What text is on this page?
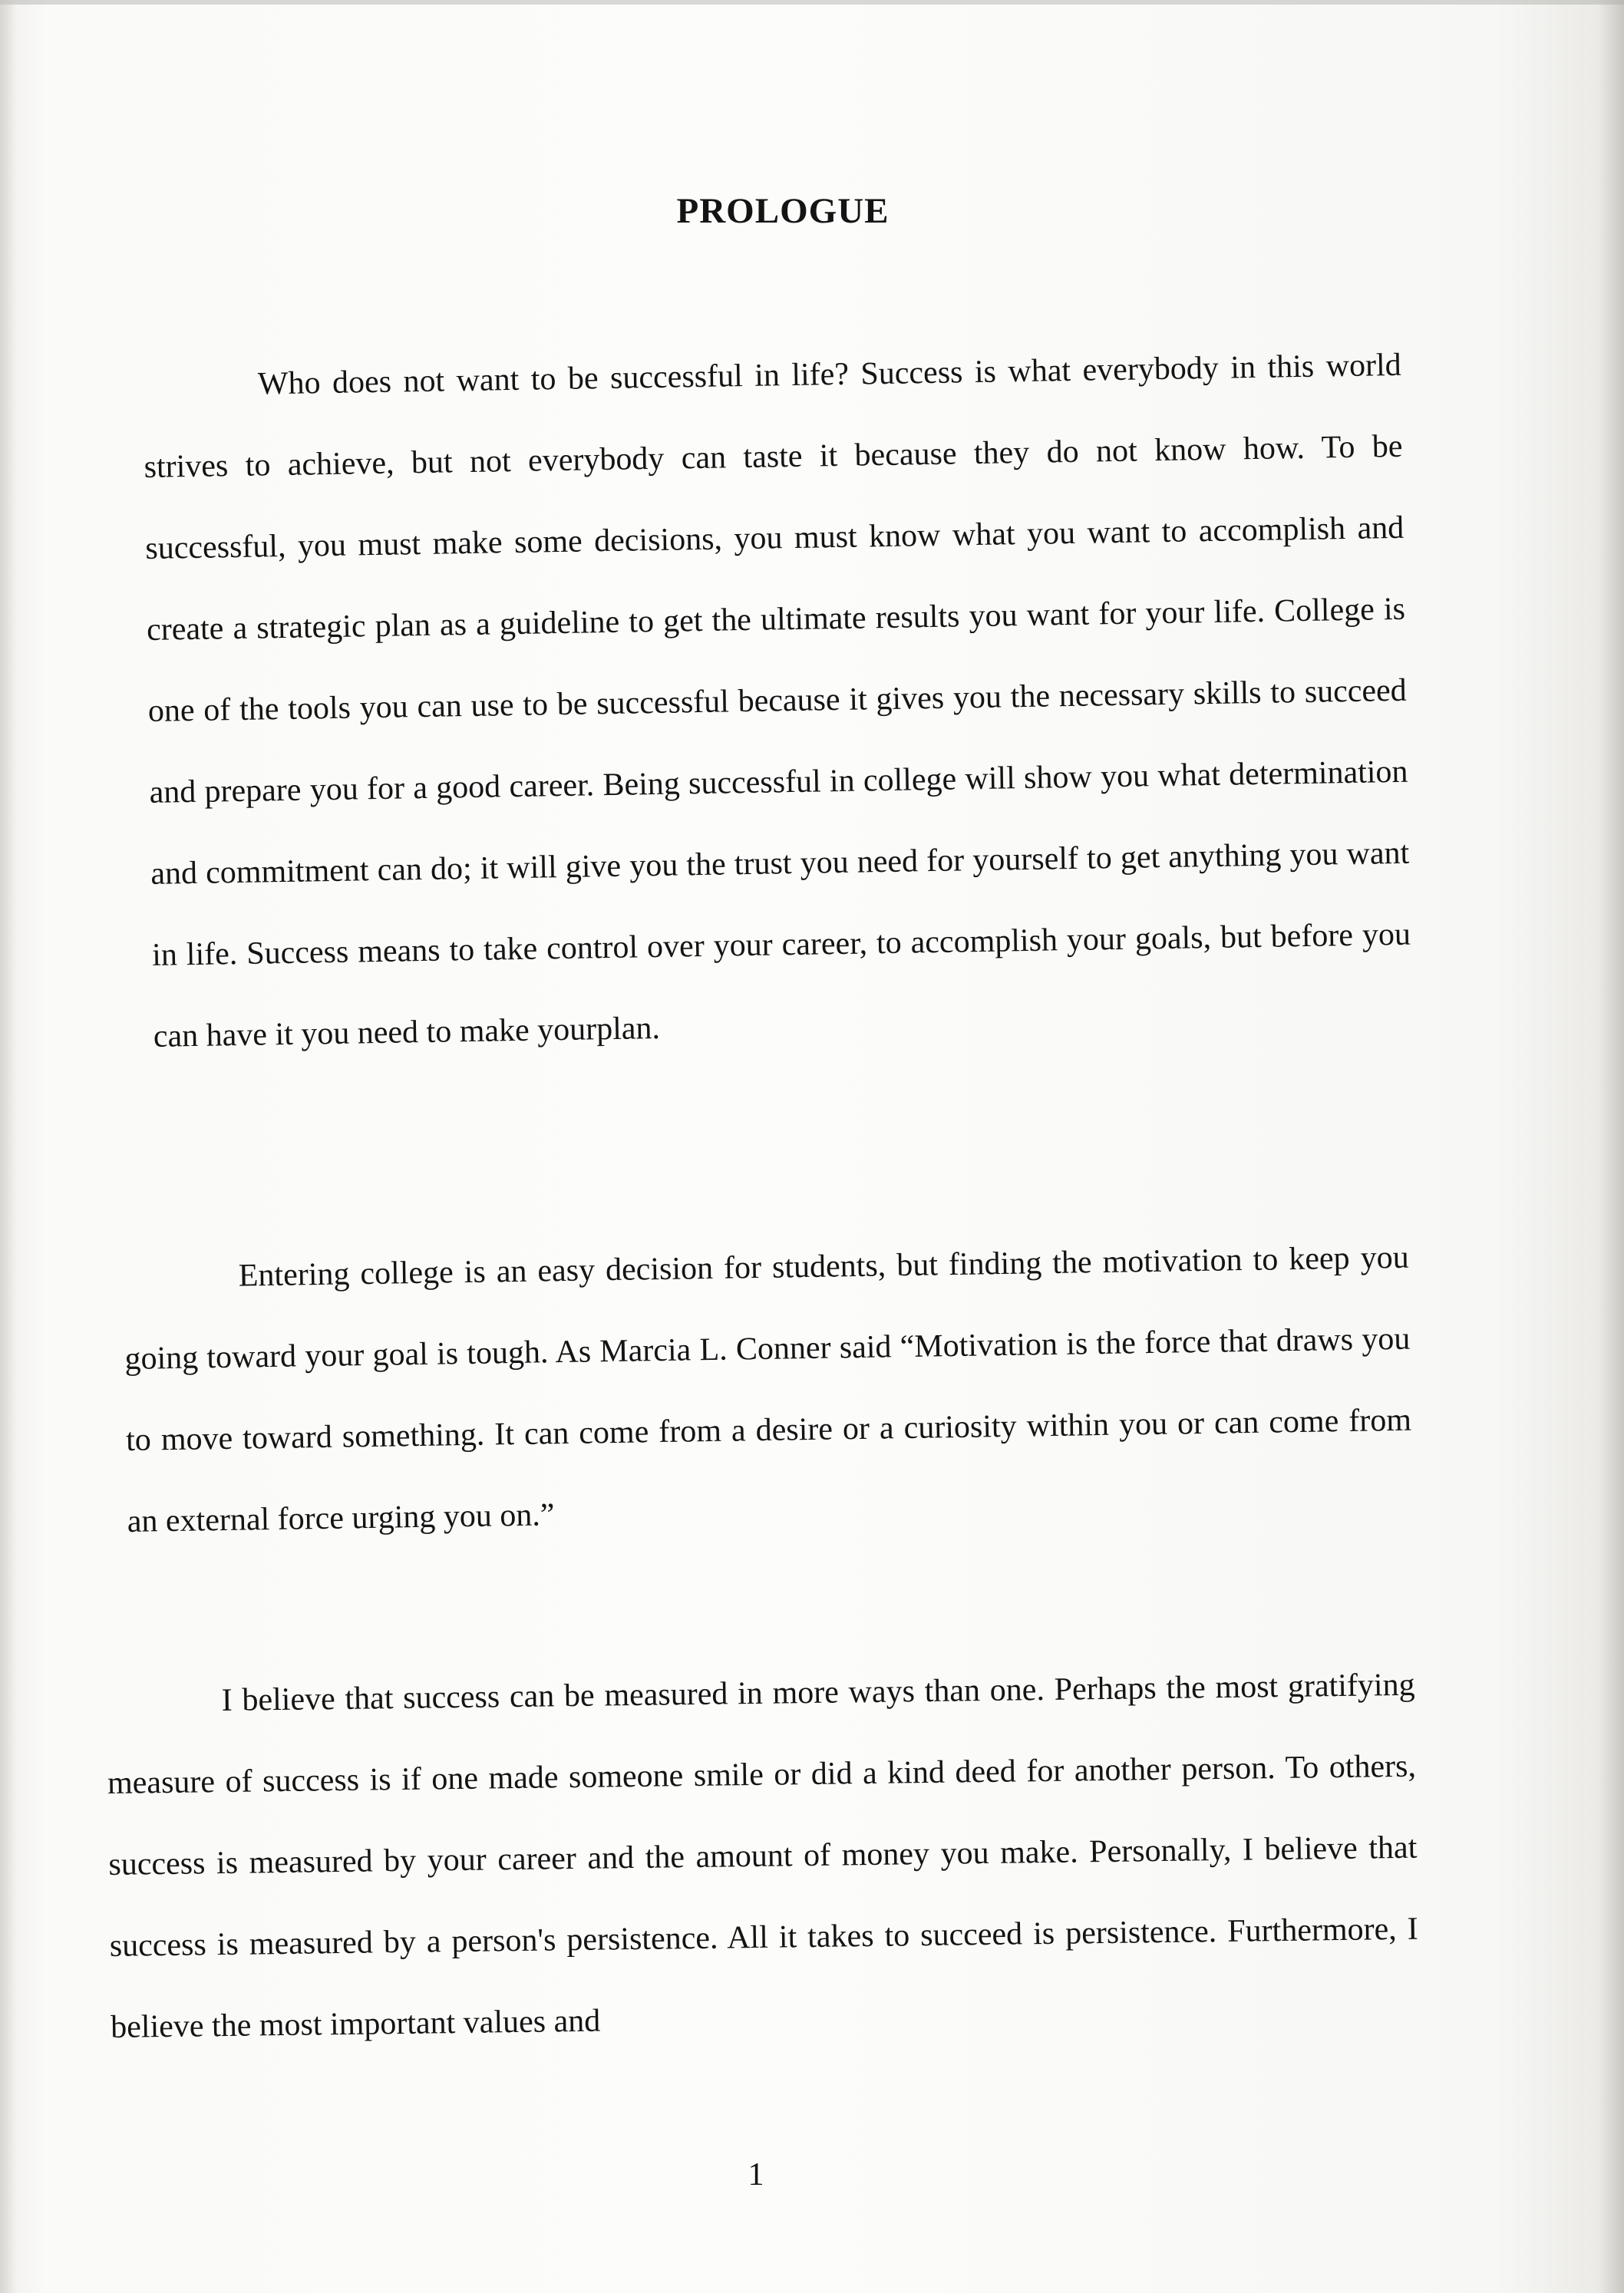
PROLOGUE

Who does not want to be successful in life? Success is what everybody in this world strives to achieve, but not everybody can taste it because they do not know how. To be successful, you must make some decisions, you must know what you want to accomplish and create a strategic plan as a guideline to get the ultimate results you want for your life. College is one of the tools you can use to be successful because it gives you the necessary skills to succeed and prepare you for a good career. Being successful in college will show you what determination and commitment can do; it will give you the trust you need for yourself to get anything you want in life. Success means to take control over your career, to accomplish your goals, but before you can have it you need to make yourplan.

Entering college is an easy decision for students, but finding the motivation to keep you going toward your goal is tough. As Marcia L. Conner said “Motivation is the force that draws you to move toward something. It can come from a desire or a curiosity within you or can come from an external force urging you on.”

I believe that success can be measured in more ways than one. Perhaps the most gratifying measure of success is if one made someone smile or did a kind deed for another person. To others, success is measured by your career and the amount of money you make. Personally, I believe that success is measured by a person's persistence. All it takes to succeed is persistence. Furthermore, I believe the most important values and

1
